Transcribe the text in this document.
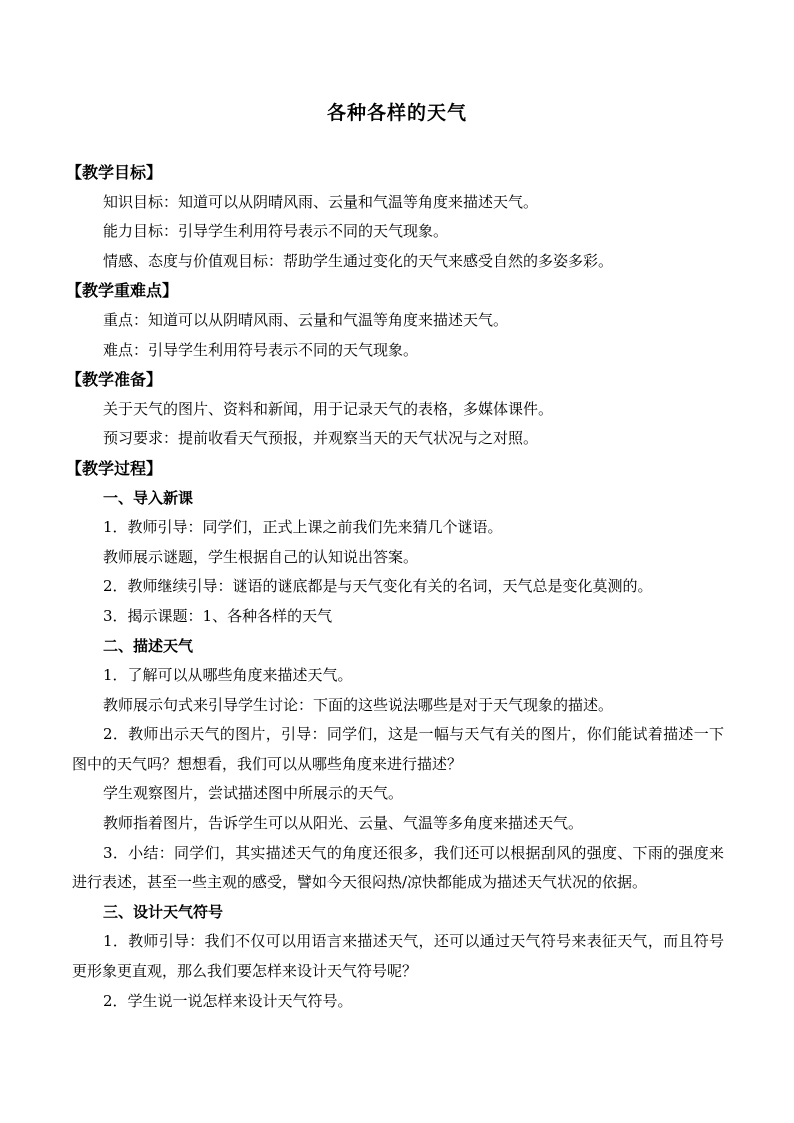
各种各样的天气
【教学目标】
知识目标：知道可以从阴晴风雨、云量和气温等角度来描述天气。
能力目标：引导学生利用符号表示不同的天气现象。
情感、态度与价值观目标：帮助学生通过变化的天气来感受自然的多姿多彩。
【教学重难点】
重点：知道可以从阴晴风雨、云量和气温等角度来描述天气。
难点：引导学生利用符号表示不同的天气现象。
【教学准备】
关于天气的图片、资料和新闻，用于记录天气的表格，多媒体课件。
预习要求：提前收看天气预报，并观察当天的天气状况与之对照。
【教学过程】
一、导入新课
1．教师引导：同学们，正式上课之前我们先来猜几个谜语。
教师展示谜题，学生根据自己的认知说出答案。
2．教师继续引导：谜语的谜底都是与天气变化有关的名词，天气总是变化莫测的。
3．揭示课题：1、各种各样的天气
二、描述天气
1．了解可以从哪些角度来描述天气。
教师展示句式来引导学生讨论：下面的这些说法哪些是对于天气现象的描述。
2．教师出示天气的图片，引导：同学们，这是一幅与天气有关的图片，你们能试着描述一下图中的天气吗？想想看，我们可以从哪些角度来进行描述？
学生观察图片，尝试描述图中所展示的天气。
教师指着图片，告诉学生可以从阳光、云量、气温等多角度来描述天气。
3．小结：同学们，其实描述天气的角度还很多，我们还可以根据刮风的强度、下雨的强度来进行表述，甚至一些主观的感受，譬如今天很闷热/凉快都能成为描述天气状况的依据。
三、设计天气符号
1．教师引导：我们不仅可以用语言来描述天气，还可以通过天气符号来表征天气，而且符号更形象更直观，那么我们要怎样来设计天气符号呢？
2．学生说一说怎样来设计天气符号。
